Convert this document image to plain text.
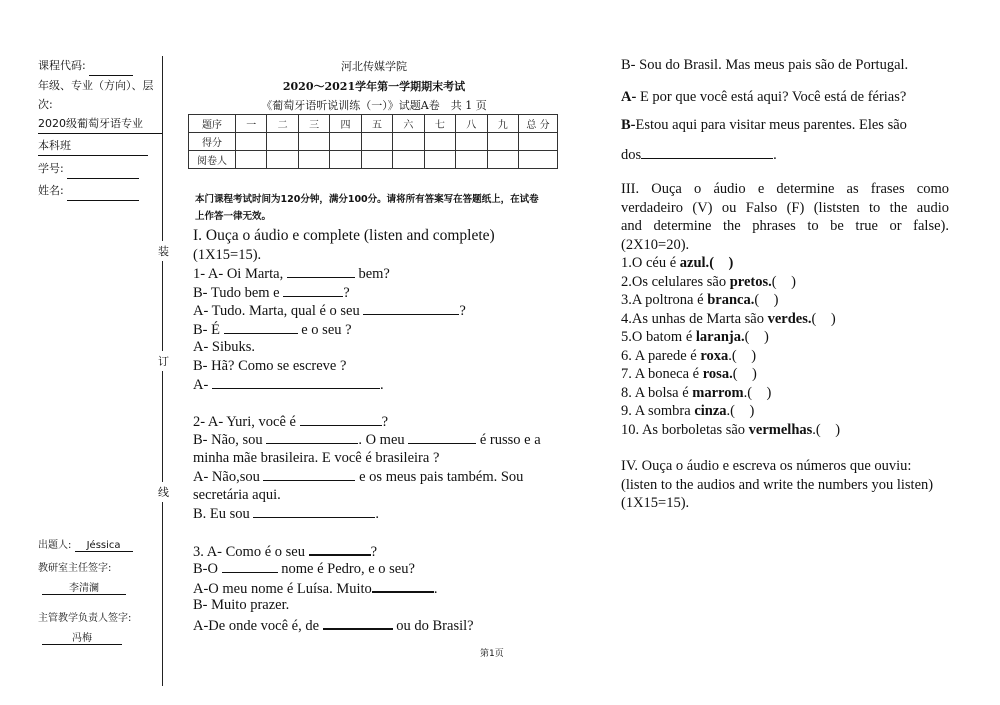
课程代码:
年级、专业（方向）、层
次:
2020级葡萄牙语专业
本科班
学号:
姓名:
装
订
线
出题人: Jéssica
教研室主任签字:
李清澜
主管教学负责人签字:
冯梅
河北传媒学院
2020～2021学年第一学期期末考试
《葡萄牙语听说训练（一）》试题A卷　共 1 页
题序	一	二	三	四	五	六	七	八	九	总 分
得分										
阅卷人										
本门课程考试时间为120分钟，满分100分。请将所有答案写在答题纸上，在试卷
上作答一律无效。
I. Ouça o áudio e complete (listen and complete)
(1X15=15).
1- A- Oi Marta,	bem?
B- Tudo bem e	?
A- Tudo. Marta, qual é o seu	?
B- É	e o seu ?
A- Sibuks.
B- Hã? Como se escreve ?
A-	.
2- A- Yuri, você é	?
B- Não, sou	. O meu	é russo e a
minha mãe brasileira. E você é brasileira ?
A- Não,sou	e os meus pais também. Sou
secretária aqui.
B. Eu sou	.
3. A- Como é o seu	?
B-O	nome é Pedro, e o seu?
A-O meu nome é Luísa. Muito	.
B- Muito prazer.
A-De onde você é, de	ou do Brasil?
第1页
B- Sou do Brasil. Mas meus pais são de Portugal.
A- E por que você está aqui? Você está de férias?
B-Estou aqui para visitar meus parentes. Eles são
dos	.
III. Ouça o áudio e determine as frases como
verdadeiro (V) ou Falso (F) (liststen to the audio
and determine the phrases to be true or false).
(2X10=20).
1.O céu é azul.(　)
2.Os celulares são pretos.(　)
3.A poltrona é branca.(　)
4.As unhas de Marta são verdes.(　)
5.O batom é laranja.(　)
6. A parede é roxa.(　)
7. A boneca é rosa.(　)
8. A bolsa é marrom.(　)
9. A sombra cinza.(　)
10. As borboletas são vermelhas.(　)
IV. Ouça o áudio e escreva os números que ouviu:
(listen to the audios and write the numbers you listen)
(1X15=15).
